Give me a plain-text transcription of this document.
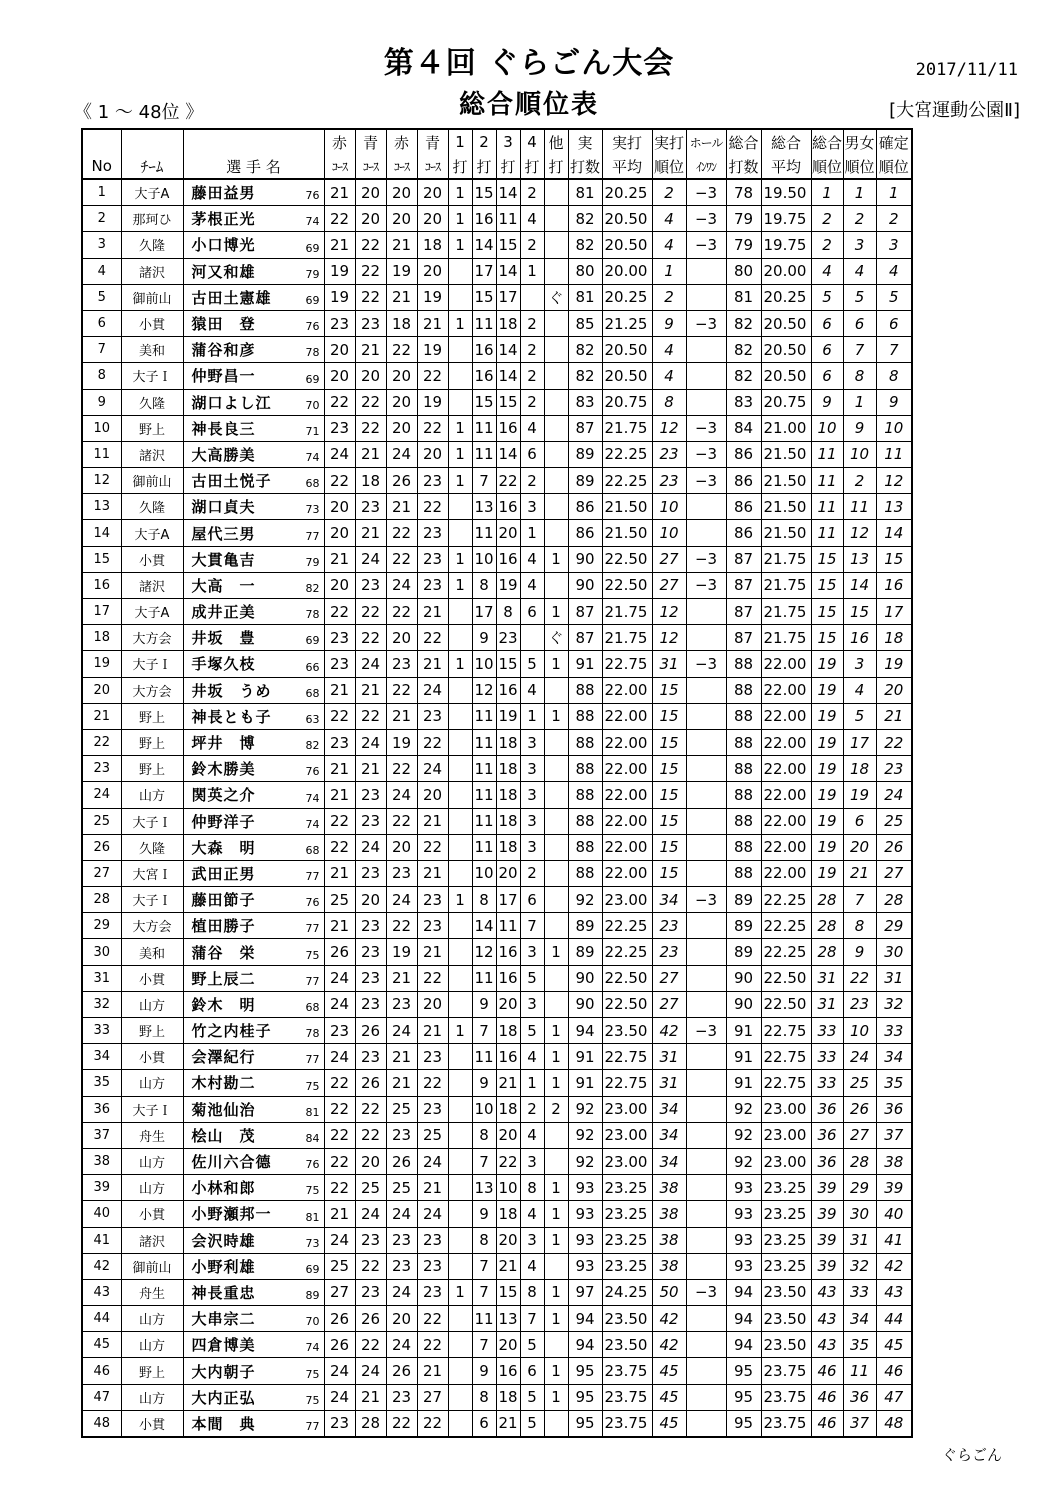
第４回 ぐらごん大会
総合順位表
2017/11/11
《 1 ～ 48位 》	[大宮運動公園Ⅱ]
			赤	青	赤	青	1	2	3	4	他	実	実打	実打	ホール	総合	総合	総合	男女	確定
No	ﾁｰﾑ	選 手 名	ｺｰｽ	ｺｰｽ	ｺｰｽ	ｺｰｽ	打	打	打	打	打	打数	平均	順位	ｲﾝﾜﾝ	打数	平均	順位	順位	順位
1	大子A	藤田益男 76	21	20	20	20	1	15	14	2		81	20.25	2	−3	78	19.50	1	1	1
2	那珂ひ	茅根正光 74	22	20	20	20	1	16	11	4		82	20.50	4	−3	79	19.75	2	2	2
3	久隆	小口博光 69	21	22	21	18	1	14	15	2		82	20.50	4	−3	79	19.75	2	3	3
4	諸沢	河又和雄 79	19	22	19	20		17	14	1		80	20.00	1		80	20.00	4	4	4
5	御前山	古田土憲雄 69	19	22	21	19		15	17		ぐ	81	20.25	2		81	20.25	5	5	5
6	小貫	猿田　登 76	23	23	18	21	1	11	18	2		85	21.25	9	−3	82	20.50	6	6	6
7	美和	蒲谷和彦 78	20	21	22	19		16	14	2		82	20.50	4		82	20.50	6	7	7
8	大子Ｉ	仲野昌一 69	20	20	20	22		16	14	2		82	20.50	4		82	20.50	6	8	8
9	久隆	湖口よし江 70	22	22	20	19		15	15	2		83	20.75	8		83	20.75	9	1	9
10	野上	神長良三 71	23	22	20	22	1	11	16	4		87	21.75	12	−3	84	21.00	10	9	10
11	諸沢	大高勝美 74	24	21	24	20	1	11	14	6		89	22.25	23	−3	86	21.50	11	10	11
12	御前山	古田土悦子 68	22	18	26	23	1	7	22	2		89	22.25	23	−3	86	21.50	11	2	12
13	久隆	湖口貞夫 73	20	23	21	22		13	16	3		86	21.50	10		86	21.50	11	11	13
14	大子A	屋代三男 77	20	21	22	23		11	20	1		86	21.50	10		86	21.50	11	12	14
15	小貫	大貫亀吉 79	21	24	22	23	1	10	16	4	1	90	22.50	27	−3	87	21.75	15	13	15
16	諸沢	大高　一 82	20	23	24	23	1	8	19	4		90	22.50	27	−3	87	21.75	15	14	16
17	大子A	成井正美 78	22	22	22	21		17	8	6	1	87	21.75	12		87	21.75	15	15	17
18	大方会	井坂　豊 69	23	22	20	22		9	23		ぐ	87	21.75	12		87	21.75	15	16	18
19	大子Ｉ	手塚久枝 66	23	24	23	21	1	10	15	5	1	91	22.75	31	−3	88	22.00	19	3	19
20	大方会	井坂　うめ 68	21	21	22	24		12	16	4		88	22.00	15		88	22.00	19	4	20
21	野上	神長とも子 63	22	22	21	23		11	19	1	1	88	22.00	15		88	22.00	19	5	21
22	野上	坪井　博 82	23	24	19	22		11	18	3		88	22.00	15		88	22.00	19	17	22
23	野上	鈴木勝美 76	21	21	22	24		11	18	3		88	22.00	15		88	22.00	19	18	23
24	山方	関英之介 74	21	23	24	20		11	18	3		88	22.00	15		88	22.00	19	19	24
25	大子Ｉ	仲野洋子 74	22	23	22	21		11	18	3		88	22.00	15		88	22.00	19	6	25
26	久隆	大森　明 68	22	24	20	22		11	18	3		88	22.00	15		88	22.00	19	20	26
27	大宮Ｉ	武田正男 77	21	23	23	21		10	20	2		88	22.00	15		88	22.00	19	21	27
28	大子Ｉ	藤田節子 76	25	20	24	23	1	8	17	6		92	23.00	34	−3	89	22.25	28	7	28
29	大方会	植田勝子 77	21	23	22	23		14	11	7		89	22.25	23		89	22.25	28	8	29
30	美和	蒲谷　栄 75	26	23	19	21		12	16	3	1	89	22.25	23		89	22.25	28	9	30
31	小貫	野上辰二 77	24	23	21	22		11	16	5		90	22.50	27		90	22.50	31	22	31
32	山方	鈴木　明 68	24	23	23	20		9	20	3		90	22.50	27		90	22.50	31	23	32
33	野上	竹之内桂子 78	23	26	24	21	1	7	18	5	1	94	23.50	42	−3	91	22.75	33	10	33
34	小貫	会澤紀行 77	24	23	21	23		11	16	4	1	91	22.75	31		91	22.75	33	24	34
35	山方	木村勘二 75	22	26	21	22		9	21	1	1	91	22.75	31		91	22.75	33	25	35
36	大子Ｉ	菊池仙治 81	22	22	25	23		10	18	2	2	92	23.00	34		92	23.00	36	26	36
37	舟生	桧山　茂 84	22	22	23	25		8	20	4		92	23.00	34		92	23.00	36	27	37
38	山方	佐川六合德 76	22	20	26	24		7	22	3		92	23.00	34		92	23.00	36	28	38
39	山方	小林和郎 75	22	25	25	21		13	10	8	1	93	23.25	38		93	23.25	39	29	39
40	小貫	小野瀬邦一 81	21	24	24	24		9	18	4	1	93	23.25	38		93	23.25	39	30	40
41	諸沢	会沢時雄 73	24	23	23	23		8	20	3	1	93	23.25	38		93	23.25	39	31	41
42	御前山	小野利雄 69	25	22	23	23		7	21	4		93	23.25	38		93	23.25	39	32	42
43	舟生	神長重忠 89	27	23	24	23	1	7	15	8	1	97	24.25	50	−3	94	23.50	43	33	43
44	山方	大串宗二 70	26	26	20	22		11	13	7	1	94	23.50	42		94	23.50	43	34	44
45	山方	四倉博美 74	26	22	24	22		7	20	5		94	23.50	42		94	23.50	43	35	45
46	野上	大内朝子 75	24	24	26	21		9	16	6	1	95	23.75	45		95	23.75	46	11	46
47	山方	大内正弘 75	24	21	23	27		8	18	5	1	95	23.75	45		95	23.75	46	36	47
48	小貫	本間　典 77	23	28	22	22		6	21	5		95	23.75	45		95	23.75	46	37	48
ぐらごん
